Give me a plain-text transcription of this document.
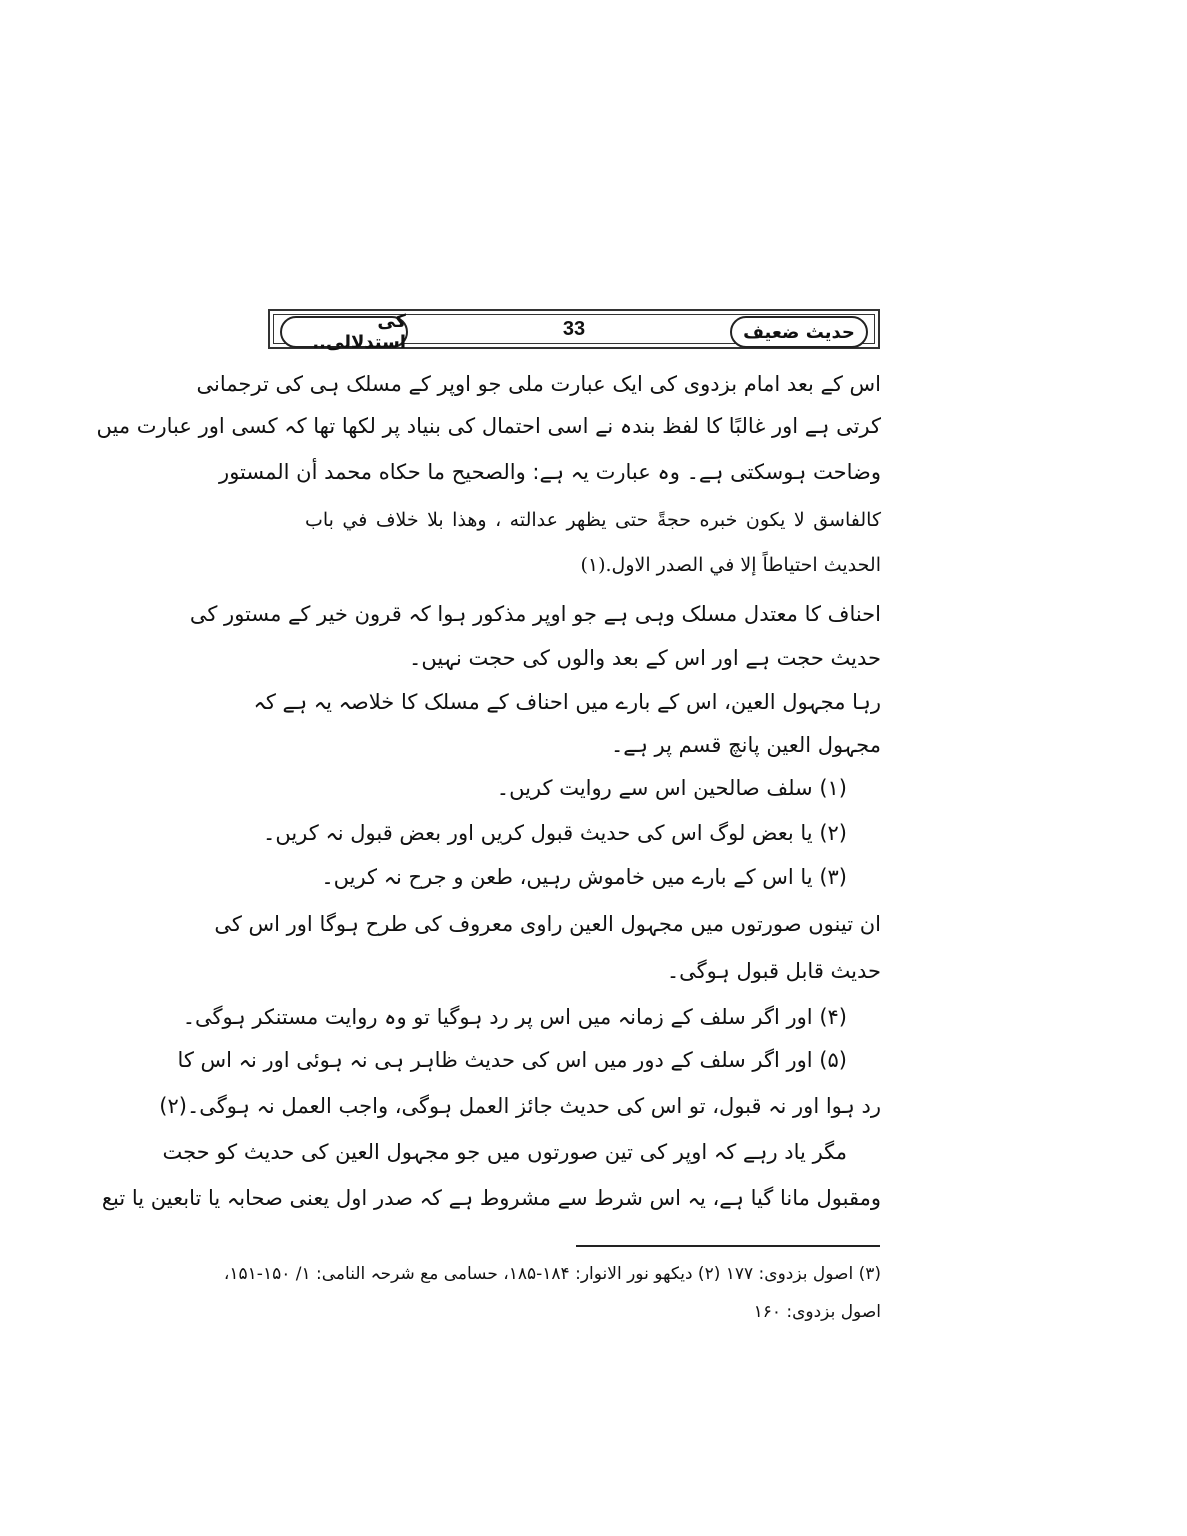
حديث ضعيف
33
كى استدلالى..
اس کے بعد امام بزدوی کی ایک عبارت ملی جو اوپر کے مسلک ہی کی ترجمانی
کرتی ہے اور غالبًا کا لفظ بندہ نے اسی احتمال کی بنیاد پر لکھا تھا کہ کسی اور عبارت میں
وضاحت ہوسکتی ہے۔ وہ عبارت یہ ہے: والصحيح ما حكاه محمد أن المستور
كالفاسق لا يكون خبره حجةً حتى يظهر عدالته ، وهذا بلا خلاف في باب
الحديث احتياطاً إلا في الصدر الاول.(۱)
احناف کا معتدل مسلک وہی ہے جو اوپر مذکور ہوا کہ قرون خیر کے مستور کی
حدیث حجت ہے اور اس کے بعد والوں کی حجت نہیں۔
رہا مجہول العین، اس کے بارے میں احناف کے مسلک کا خلاصہ یہ ہے کہ
مجہول العین پانچ قسم پر ہے۔
(۱) سلف صالحین اس سے روایت کریں۔
(۲) یا بعض لوگ اس کی حدیث قبول کریں اور بعض قبول نہ کریں۔
(۳) یا اس کے بارے میں خاموش رہیں، طعن و جرح نہ کریں۔
ان تینوں صورتوں میں مجہول العین راوی معروف کی طرح ہوگا اور اس کی
حدیث قابل قبول ہوگی۔
(۴) اور اگر سلف کے زمانہ میں اس پر رد ہوگیا تو وہ روایت مستنکر ہوگی۔
(۵) اور اگر سلف کے دور میں اس کی حدیث ظاہر ہی نہ ہوئی اور نہ اس کا
رد ہوا اور نہ قبول، تو اس کی حدیث جائز العمل ہوگی، واجب العمل نہ ہوگی۔(۲)
مگر یاد رہے کہ اوپر کی تین صورتوں میں جو مجہول العین کی حدیث کو حجت
ومقبول مانا گیا ہے، یہ اس شرط سے مشروط ہے کہ صدر اول یعنی صحابہ یا تابعین یا تبع
(۳) اصول بزدوی: ۱۷۷ (۲) دیکھو نور الانوار: ۱۸۴-۱۸۵، حسامی مع شرحہ النامی: ۱/ ۱۵۰-۱۵۱،
اصول بزدوی: ۱۶۰
